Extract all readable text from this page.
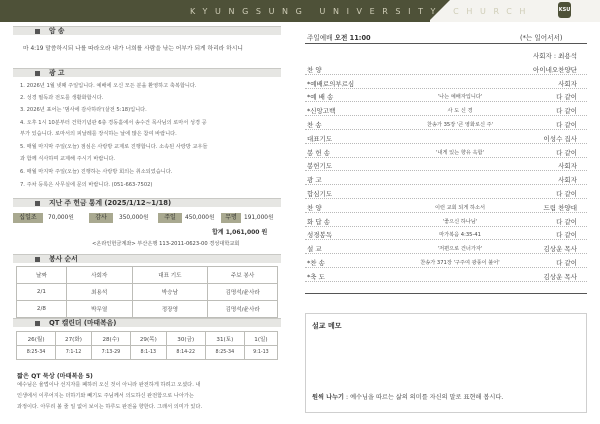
KYUNGSUNG UNIVERSITY CHURCH	KSU
암 송
마 4:19 말씀하시되 나를 따라오라 내가 너희를 사람을 낚는 어부가 되게 하리라 하시니
광 고
1. 2026년 1월 넷째 주일입니다. 예배에 오신 모든 분을 환영하고 축복합니다.
2. 성경 필독과 전도를 생활화합시다.
3. 2026년 표어는 '범사에 감사하라'(살전 5:18)입니다.
4. 오후 1시 10분부터 건학기념관 6층 경동홀에서 송수건 목사님의 로마서 성경 공
부가 있습니다. 로마서의 피날레를 장식하는 날에 많은 참여 바랍니다.
5. 매월 마지막 주일(오늘) 점심은 사랑방 교제로 진행합니다. 소속된 사랑방 교우들
과 함께 식사하며 교제해 주시기 바랍니다.
6. 매월 마지막 주일(오늘) 진행하는 사랑방 회의는 취소되었습니다.
7. 주차 등록은 사무실에 문의 바랍니다. (051-663-7502)
지난 주 헌금 통계 (2025/1/12~1/18)
십일조	70,000원	감사	350,000원	주일	450,000원	무명	191,000원
합계 1,061,000 원
<온라인헌금계좌> 부산은행 113-2011-0623-00 경성대학교회
봉사 순서
날짜	사회자	대표 기도	주보 봉사
2/1	최용석	박승남	김명석/윤사라
2/8	박무열	정장영	김명석/윤사라
QT 캘린더 (마태복음)
26(월)	27(화)	28(수)	29(목)	30(금)	31(토)	1(일)
8:25-34	7:1-12	7:13-29	8:1-13	8:14-22	8:25-34	9:1-13
짧은 QT 묵상 (마태복음 5)
예수님은 율법이나 선지자를 폐하러 오신 것이 아니라 완전하게 하려고 오셨다. 내
인생에서 이루어지는 더하기와 빼기도 주님께서 의도하신 완전함으로 나아가는
과정이다. 아무리 볼 줄 일 없어 보이는 하루도 완전을 향한다. 그래서 의미가 있다.
주일예배 오전 11:00	(*는 일어서서)
사회자 : 최용석
찬 양	아이네오찬양단
*예배로의부르심	사회자
*예 배 송	'나는 예배자입니다'	다 같이
*신앙고백	사 도 신 경	다 같이
찬 송	찬송가 35장 '큰 영화로신 주'	다 같이
대표기도	이성수 집사
봉 헌 송	'내게 있는 향유 옥합'	다 같이
봉헌기도	사회자
광 고	사회자
합심기도	다 같이
찬 양	이런 교회 되게 하소서	드림 찬양대
화 답 송	'좋으신 하나님'	다 같이
성경봉독	마가복음 4:35-41	다 같이
설 교	'저편으로 건너가자'	김상운 목사
*찬 송	찬송가 371장 '구주여 광풍이 불어'	다 같이
*축 도	김상운 목사
설교 메모
원씩 나누기 : 예수님을 따르는 삶의 의미를 자신의 말로 표현해 봅시다.
